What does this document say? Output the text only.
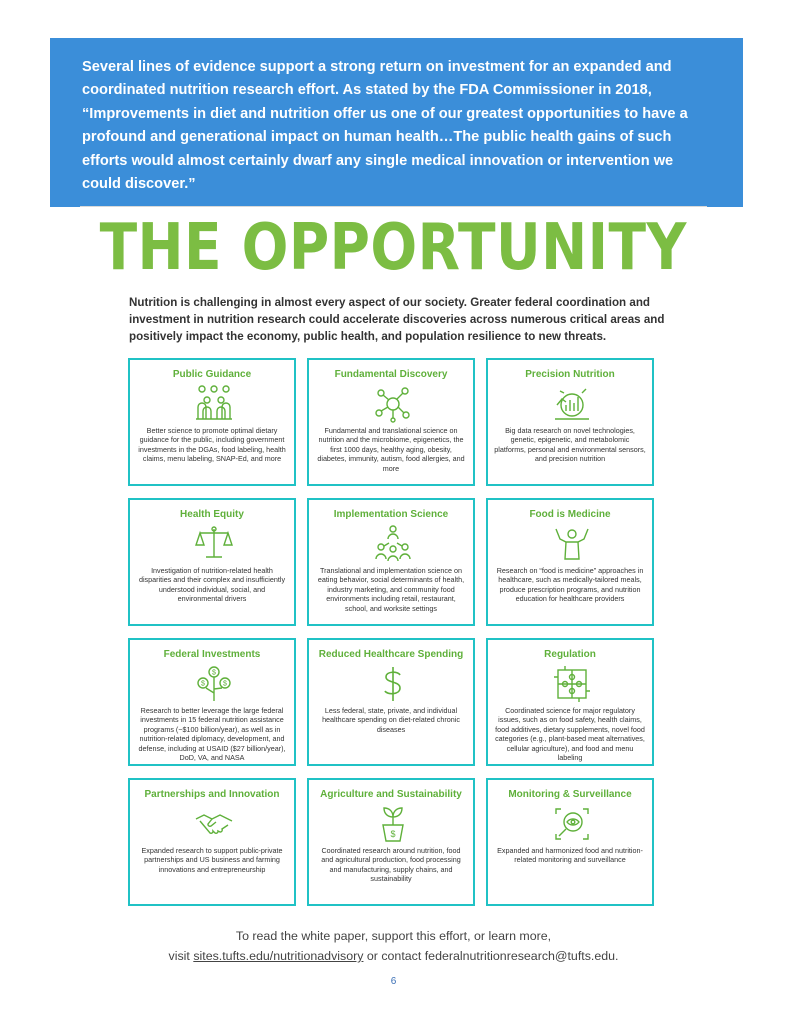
Several lines of evidence support a strong return on investment for an expanded and coordinated nutrition research effort. As stated by the FDA Commissioner in 2018, “Improvements in diet and nutrition offer us one of our greatest opportunities to have a profound and generational impact on human health…The public health gains of such efforts would almost certainly dwarf any single medical innovation or intervention we could discover.”

THE OPPORTUNITY
Nutrition is challenging in almost every aspect of our society. Greater federal coordination and investment in nutrition research could accelerate discoveries across numerous critical areas and positively impact the economy, public health, and population resilience to new threats.
Public Guidance
Better science to promote optimal dietary guidance for the public, including government investments in the DGAs, food labeling, health claims, menu labeling, SNAP-Ed, and more
Fundamental Discovery
Fundamental and translational science on nutrition and the microbiome, epigenetics, the first 1000 days, healthy aging, obesity, diabetes, immunity, autism, food allergies, and more
Precision Nutrition
Big data research on novel technologies, genetic, epigenetic, and metabolomic platforms, personal and environmental sensors, and precision nutrition
Health Equity
Investigation of nutrition-related health disparities and their complex and insufficiently understood individual, social, and environmental drivers
Implementation Science
Translational and implementation science on eating behavior, social determinants of health, industry marketing, and community food environments including retail, restaurant, school, and worksite settings
Food is Medicine
Research on “food is medicine” approaches in healthcare, such as medically-tailored meals, produce prescription programs, and nutrition education for healthcare providers
Federal Investments
$
$	$
Research to better leverage the large federal investments in 15 federal nutrition assistance programs (~$100 billion/year), as well as in nutrition-related diplomacy, development, and defense, including at USAID ($27 billion/year), DoD, VA, and NASA
Reduced Healthcare Spending
Less federal, state, private, and individual healthcare spending on diet-related chronic diseases
Regulation
Coordinated science for major regulatory issues, such as on food safety, health claims, food additives, dietary supplements, novel food categories (e.g., plant-based meat alternatives, cellular agriculture), and food and menu labeling
Partnerships and Innovation
Expanded research to support public-private partnerships and US business and farming innovations and entrepreneurship
Agriculture and Sustainability
$
Coordinated research around nutrition, food and agricultural production, food processing and manufacturing, supply chains, and sustainability
Monitoring & Surveillance
Expanded and harmonized food and nutrition-related monitoring and surveillance
To read the white paper, support this effort, or learn more,
visit sites.tufts.edu/nutritionadvisory or contact federalnutritionresearch@tufts.edu.
6
